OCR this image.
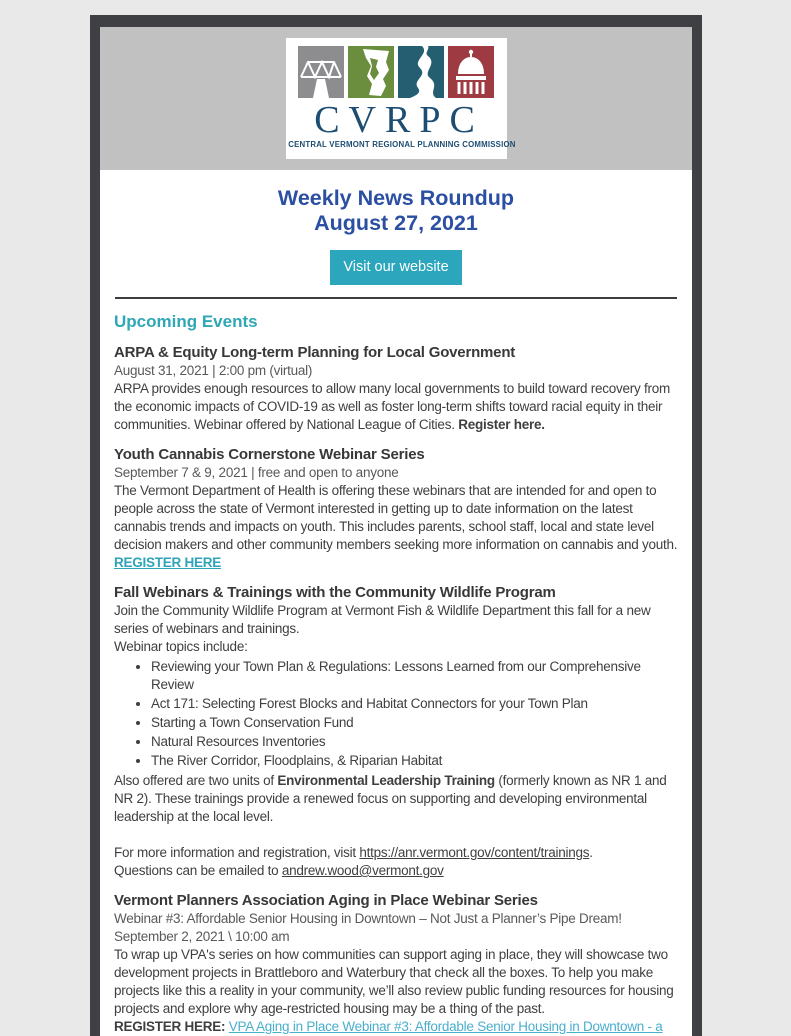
CVRPC
CENTRAL VERMONT REGIONAL PLANNING COMMISSION
Weekly News Roundup
August 27, 2021
Visit our website
Upcoming Events

ARPA & Equity Long-term Planning for Local Government

August 31, 2021 | 2:00 pm (virtual)

ARPA provides enough resources to allow many local governments to build toward recovery from the economic impacts of COVID-19 as well as foster long-term shifts toward racial equity in their communities. Webinar offered by National League of Cities. Register here.

Youth Cannabis Cornerstone Webinar Series

September 7 & 9, 2021 | free and open to anyone

The Vermont Department of Health is offering these webinars that are intended for and open to people across the state of Vermont interested in getting up to date information on the latest cannabis trends and impacts on youth. This includes parents, school staff, local and state level decision makers and other community members seeking more information on cannabis and youth.

REGISTER HERE

Fall Webinars & Trainings with the Community Wildlife Program

Join the Community Wildlife Program at Vermont Fish & Wildlife Department this fall for a new series of webinars and trainings.

Webinar topics include:

• Reviewing your Town Plan & Regulations: Lessons Learned from our Comprehensive Review
• Act 171: Selecting Forest Blocks and Habitat Connectors for your Town Plan
• Starting a Town Conservation Fund
• Natural Resources Inventories
• The River Corridor, Floodplains, & Riparian Habitat

Also offered are two units of Environmental Leadership Training (formerly known as NR 1 and NR 2). These trainings provide a renewed focus on supporting and developing environmental leadership at the local level.

For more information and registration, visit https://anr.vermont.gov/content/trainings.

Questions can be emailed to andrew.wood@vermont.gov

Vermont Planners Association Aging in Place Webinar Series

Webinar #3: Affordable Senior Housing in Downtown – Not Just a Planner’s Pipe Dream!

September 2, 2021 \ 10:00 am

To wrap up VPA's series on how communities can support aging in place, they will showcase two development projects in Brattleboro and Waterbury that check all the boxes. To help you make projects like this a reality in your community, we’ll also review public funding resources for housing projects and explore why age-restricted housing may be a thing of the past.

REGISTER HERE: VPA Aging in Place Webinar #3: Affordable Senior Housing in Downtown - a
